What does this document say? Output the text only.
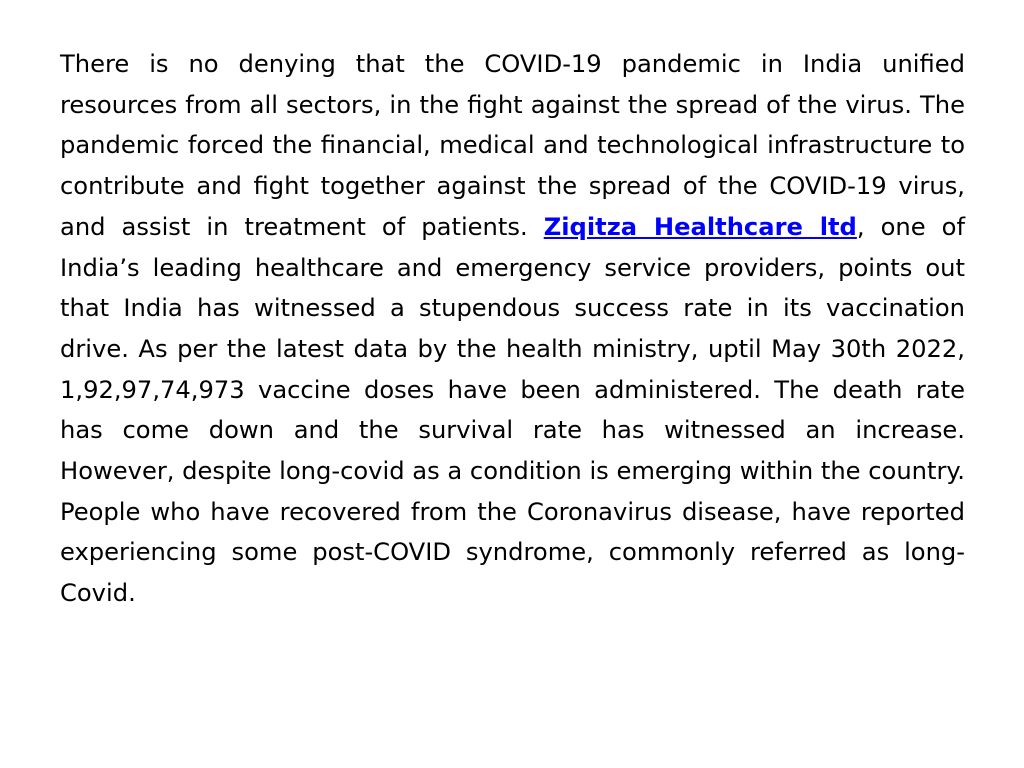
There is no denying that the COVID-19 pandemic in India unified resources from all sectors, in the fight against the spread of the virus. The pandemic forced the financial, medical and technological infrastructure to contribute and fight together against the spread of the COVID-19 virus, and assist in treatment of patients. Ziqitza Healthcare ltd, one of India’s leading healthcare and emergency service providers, points out that India has witnessed a stupendous success rate in its vaccination drive. As per the latest data by the health ministry, uptil May 30th 2022, 1,92,97,74,973 vaccine doses have been administered. The death rate has come down and the survival rate has witnessed an increase. However, despite long-covid as a condition is emerging within the country. People who have recovered from the Coronavirus disease, have reported experiencing some post-COVID syndrome, commonly referred as long-Covid.
